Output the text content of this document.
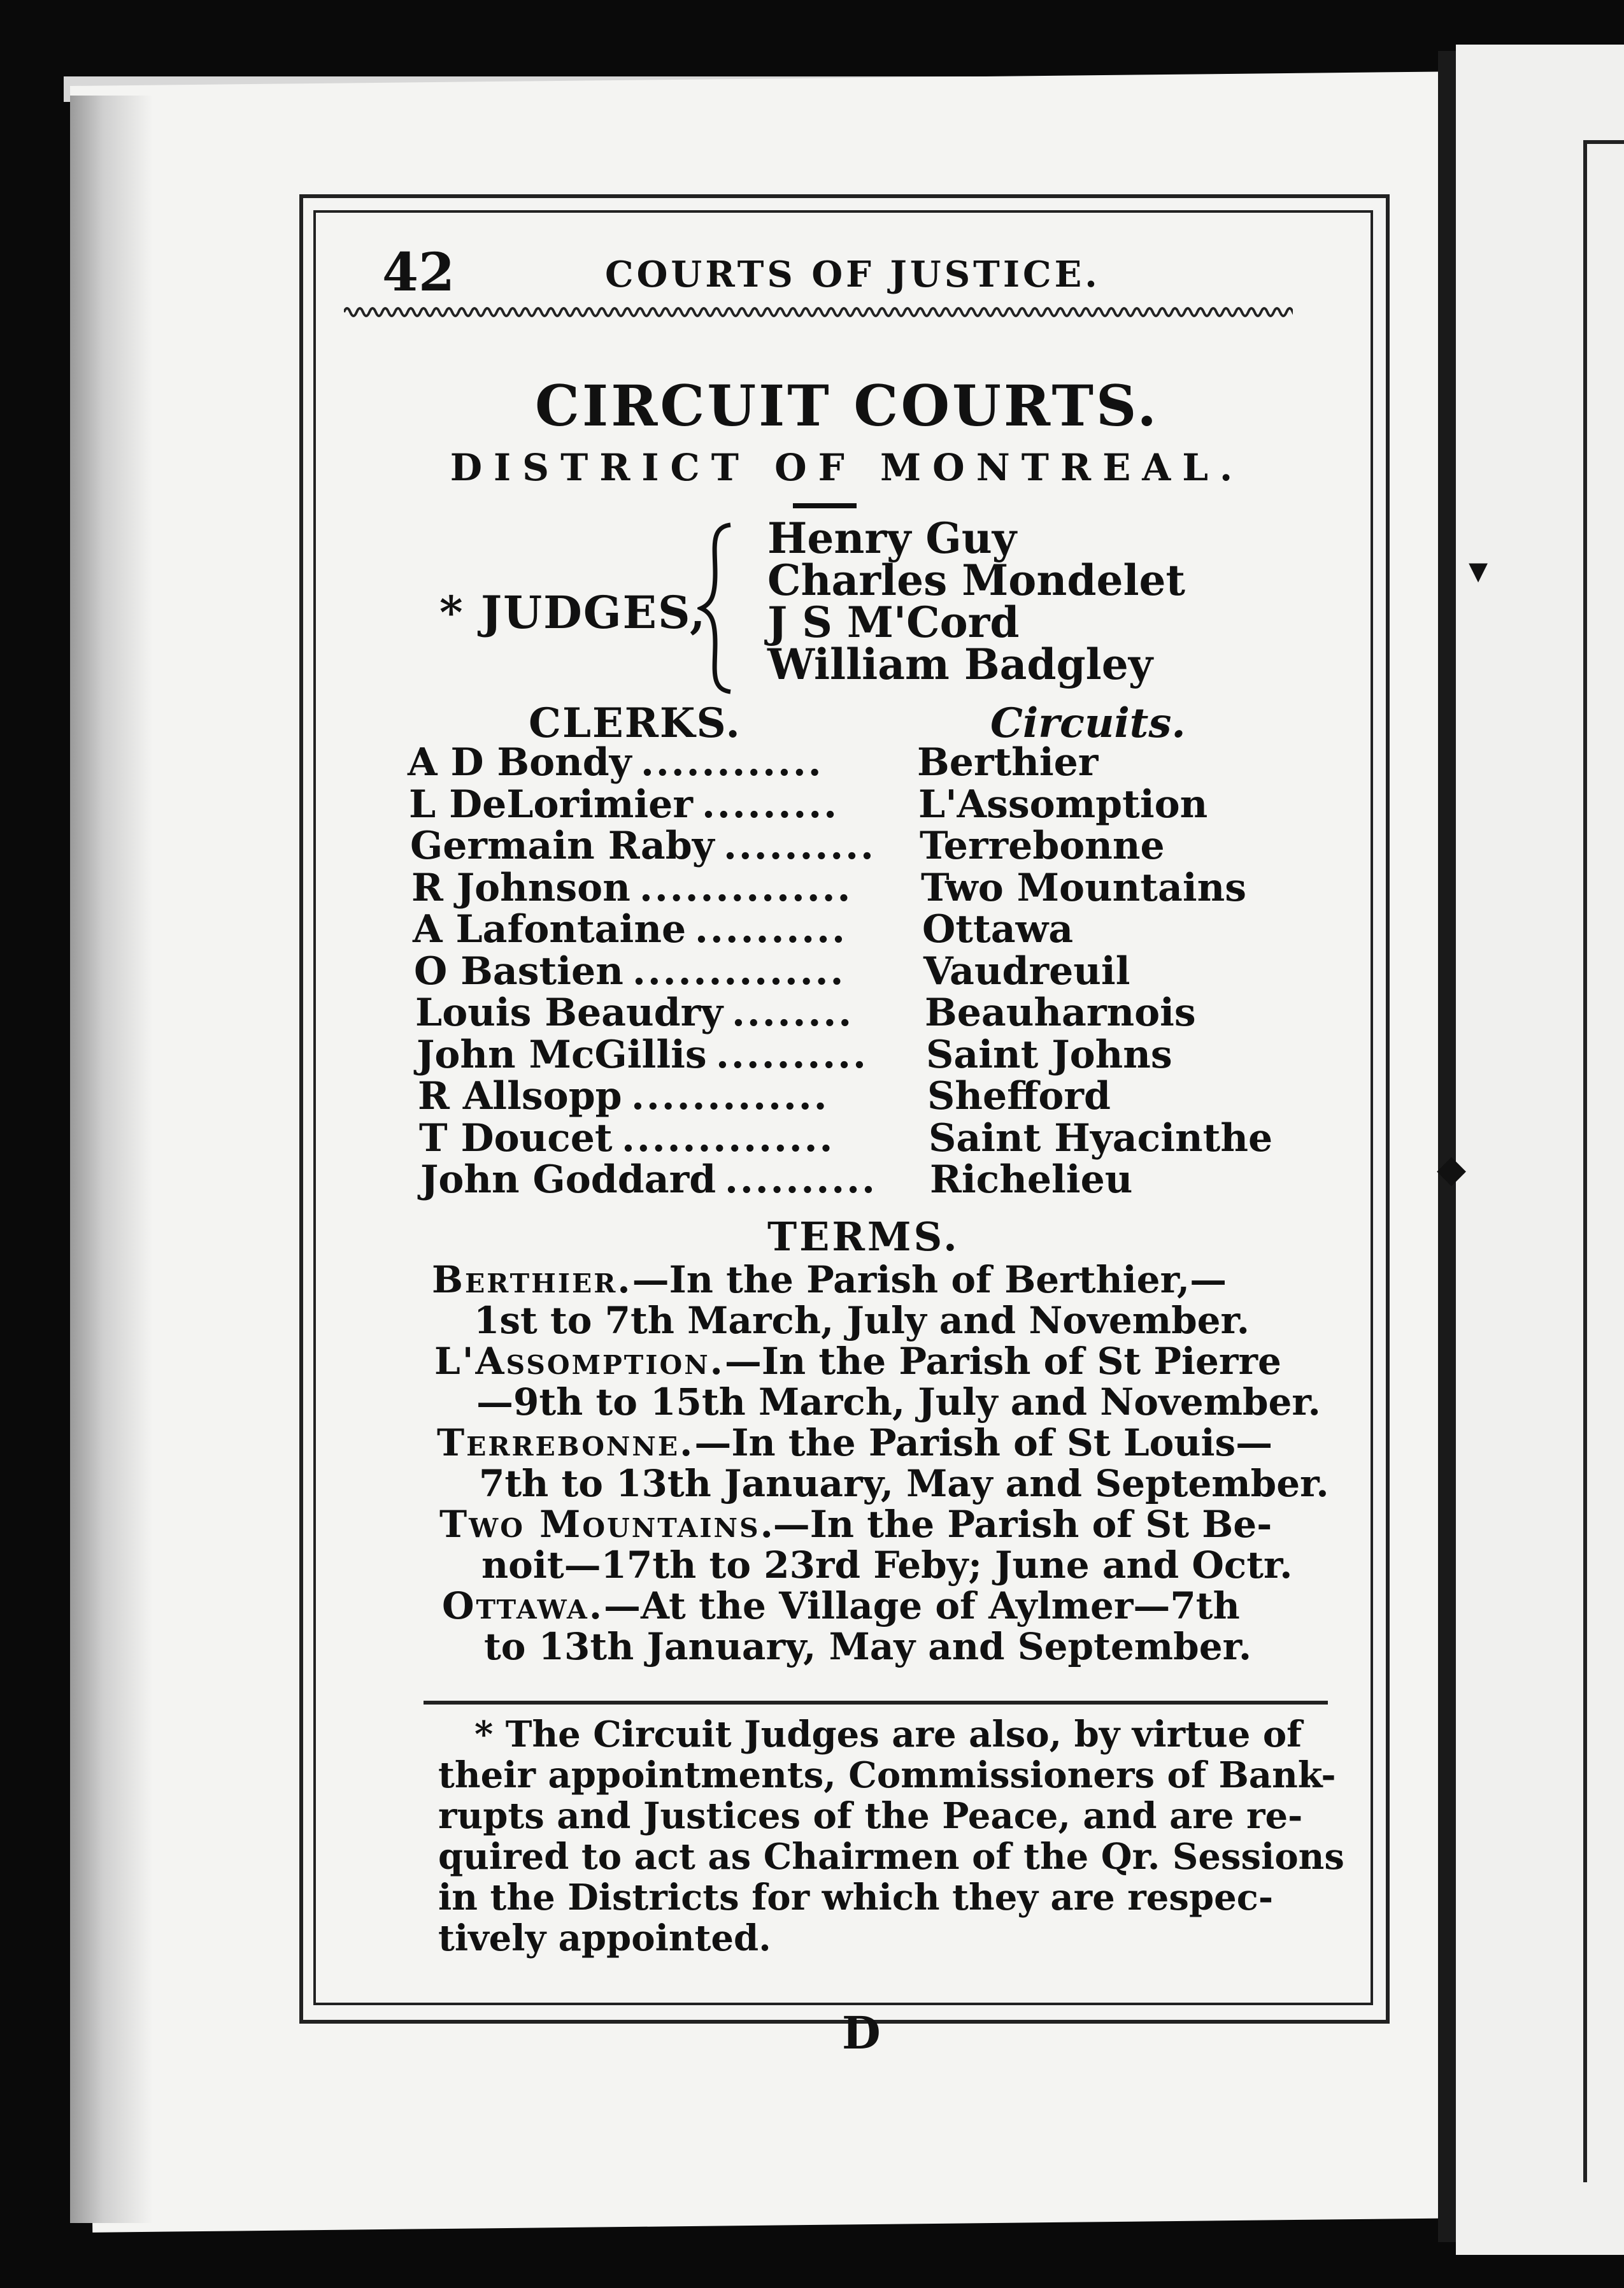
▾
◆
42	COURTS OF JUSTICE.
CIRCUIT COURTS.
DISTRICT OF MONTREAL.
* JUDGES,
Henry Guy
Charles Mondelet
J S M'Cord
William Badgley
CLERKS.	Circuits.
A D Bondy ............ Berthier
L DeLorimier ......... L'Assomption
Germain Raby .......... Terrebonne
R Johnson .............. Two Mountains
A Lafontaine .......... Ottawa
O Bastien .............. Vaudreuil
Louis Beaudry ........ Beauharnois
John McGillis .......... Saint Johns
R Allsopp .............	Shefford
T Doucet .............. Saint Hyacinthe
John Goddard .......... Richelieu
TERMS.
Berthier.—In the Parish of Berthier,—
1st to 7th March, July and November.
L'Assomption.—In the Parish of St Pierre
—9th to 15th March, July and November.
Terrebonne.—In the Parish of St Louis—
7th to 13th January, May and September.
Two Mountains.—In the Parish of St Be-
noit—17th to 23rd Feby; June and Octr.
Ottawa.—At the Village of Aylmer—7th
to 13th January, May and September.
* The Circuit Judges are also, by virtue of
their appointments, Commissioners of Bank-
rupts and Justices of the Peace, and are re-
quired to act as Chairmen of the Qr. Sessions
in the Districts for which they are respec-
tively appointed.
D
